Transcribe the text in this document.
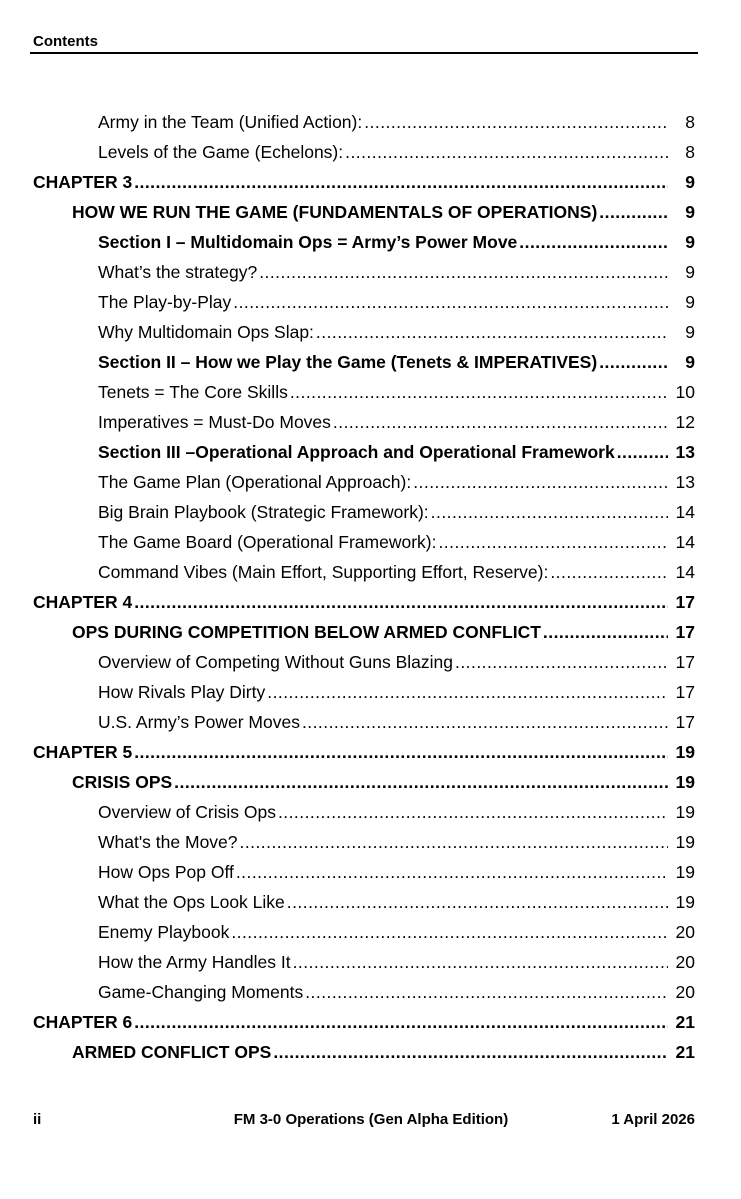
Contents
Army in the Team (Unified Action): . . .	8
Levels of the Game (Echelons): . . .	8
CHAPTER 3 . . .	9
HOW WE RUN THE GAME (FUNDAMENTALS OF OPERATIONS) . . .	9
Section I – Multidomain Ops = Army’s Power Move . . .	9
What’s the strategy? . . .	9
The Play-by-Play . . .	9
Why Multidomain Ops Slap: . . .	9
Section II – How we Play the Game (Tenets & IMPERATIVES) . . .	9
Tenets = The Core Skills . . .	10
Imperatives = Must-Do Moves . . .	12
Section III –Operational Approach and Operational Framework . . .	13
The Game Plan (Operational Approach): . . .	13
Big Brain Playbook (Strategic Framework): . . .	14
The Game Board (Operational Framework): . . .	14
Command Vibes (Main Effort, Supporting Effort, Reserve): . . .	14
CHAPTER 4 . . .	17
OPS DURING COMPETITION BELOW ARMED CONFLICT . . .	17
Overview of Competing Without Guns Blazing . . .	17
How Rivals Play Dirty . . .	17
U.S. Army’s Power Moves . . .	17
CHAPTER 5 . . .	19
CRISIS OPS . . .	19
Overview of Crisis Ops . . .	19
What's the Move? . . .	19
How Ops Pop Off . . .	19
What the Ops Look Like . . .	19
Enemy Playbook . . .	20
How the Army Handles It . . .	20
Game-Changing Moments . . .	20
CHAPTER 6 . . .	21
ARMED CONFLICT OPS . . .	21
ii	FM 3-0 Operations (Gen Alpha Edition)	1 April 2026
